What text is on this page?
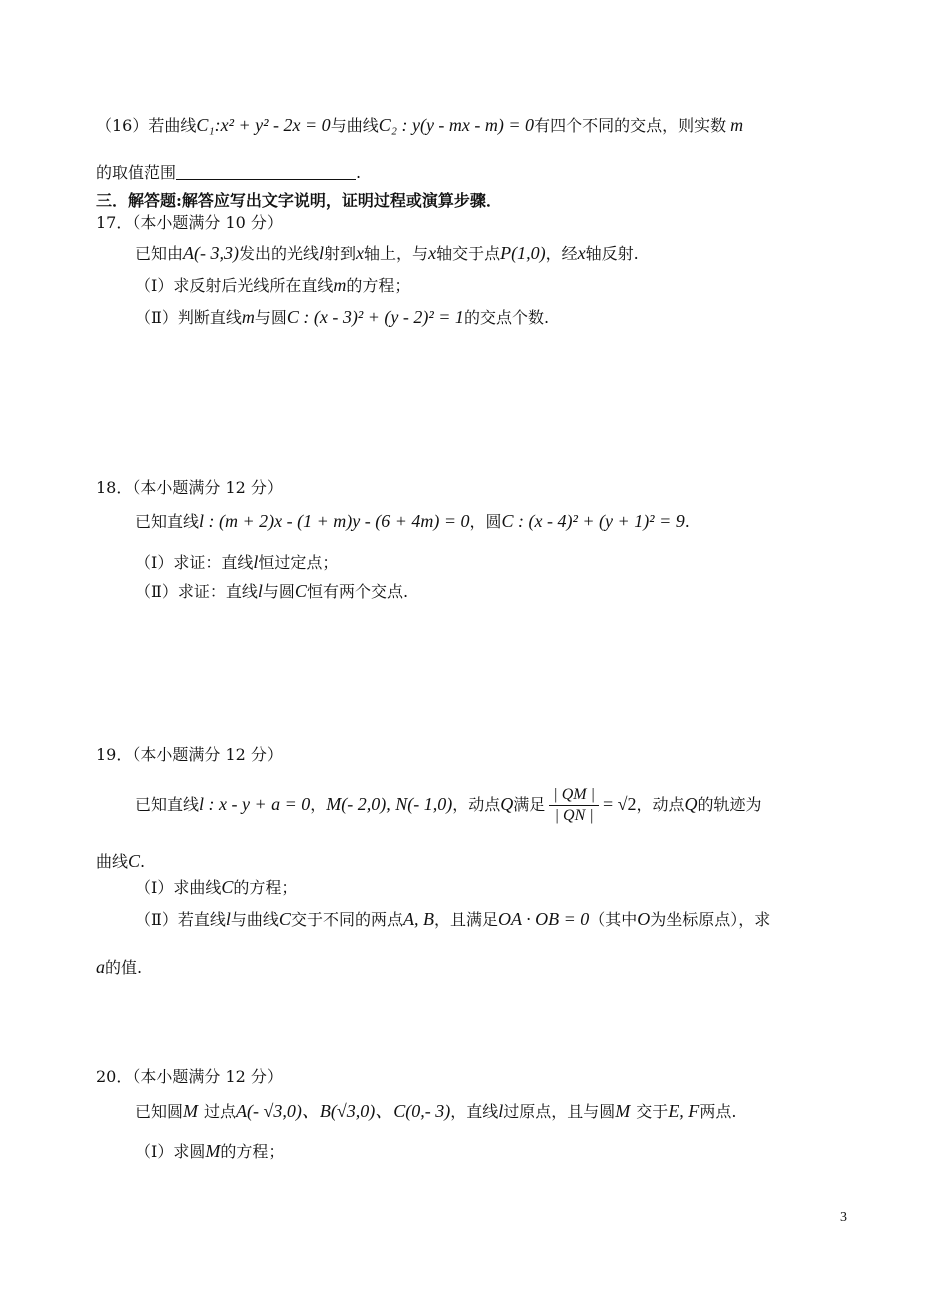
（16）若曲线C₁:x² + y² - 2x = 0与曲线C₂ : y(y - mx - m) = 0有四个不同的交点，则实数 m
的取值范围	.
三．解答题:解答应写出文字说明，证明过程或演算步骤．
17．（本小题满分 10 分）
已知由A(- 3,3)发出的光线l射到x轴上，与x轴交于点P(1,0)，经x轴反射.
（Ⅰ）求反射后光线所在直线m的方程；
（Ⅱ）判断直线m与圆C : (x - 3)² + (y - 2)² = 1的交点个数.
18．（本小题满分 12 分）
已知直线l : (m + 2)x - (1 + m)y - (6 + 4m) = 0，圆C : (x - 4)² + (y + 1)² = 9.
（Ⅰ）求证：直线l恒过定点；
（Ⅱ）求证：直线l与圆C恒有两个交点.
19．（本小题满分 12 分）
已知直线l : x - y + a = 0，M(- 2,0), N(- 1,0)，动点Q满足 $\frac{| QM |}{| QN |} = √2$，动点Q的轨迹为
曲线C.
（Ⅰ）求曲线C的方程；
（Ⅱ）若直线l与曲线C交于不同的两点A, B，且满足OA · OB = 0（其中O为坐标原点），求
a的值.
20．（本小题满分 12 分）
已知圆M 过点A(- √3,0)、B(√3,0)、C(0,- 3)，直线l过原点，且与圆M 交于E, F两点.
（Ⅰ）求圆M的方程；
3
